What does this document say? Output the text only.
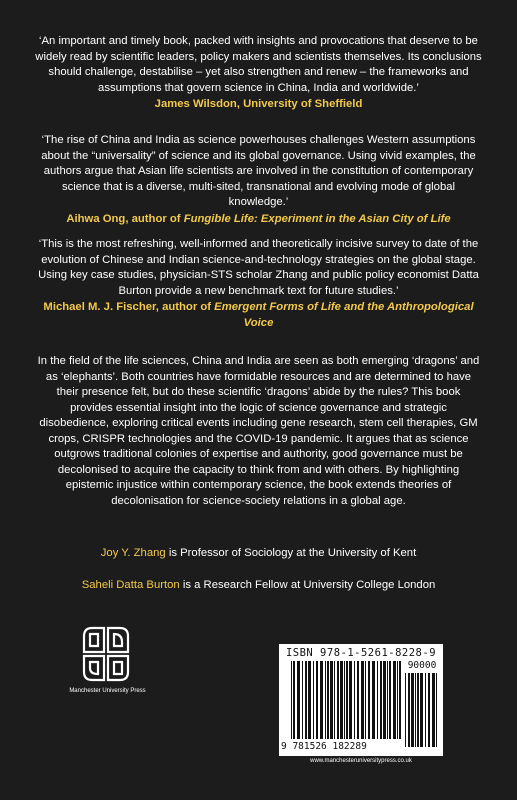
‘An important and timely book, packed with insights and provocations that deserve to be widely read by scientific leaders, policy makers and scientists themselves. Its conclusions should challenge, destabilise – yet also strengthen and renew – the frameworks and assumptions that govern science in China, India and worldwide.’
James Wilsdon, University of Sheffield
‘The rise of China and India as science powerhouses challenges Western assumptions about the “universality” of science and its global governance. Using vivid examples, the authors argue that Asian life scientists are involved in the constitution of contemporary science that is a diverse, multi-sited, transnational and evolving mode of global knowledge.’
Aihwa Ong, author of Fungible Life: Experiment in the Asian City of Life
‘This is the most refreshing, well-informed and theoretically incisive survey to date of the evolution of Chinese and Indian science-and-technology strategies on the global stage. Using key case studies, physician-STS scholar Zhang and public policy economist Datta Burton provide a new benchmark text for future studies.’
Michael M. J. Fischer, author of Emergent Forms of Life and the Anthropological Voice
In the field of the life sciences, China and India are seen as both emerging ‘dragons’ and as ‘elephants’. Both countries have formidable resources and are determined to have their presence felt, but do these scientific ‘dragons’ abide by the rules? This book provides essential insight into the logic of science governance and strategic disobedience, exploring critical events including gene research, stem cell therapies, GM crops, CRISPR technologies and the COVID-19 pandemic. It argues that as science outgrows traditional colonies of expertise and authority, good governance must be decolonised to acquire the capacity to think from and with others. By highlighting epistemic injustice within contemporary science, the book extends theories of decolonisation for science-society relations in a global age.
Joy Y. Zhang is Professor of Sociology at the University of Kent
Saheli Datta Burton is a Research Fellow at University College London
Manchester University Press
ISBN 978-1-5261-8228-9
90000
9 781526 182289
www.manchesteruniversitypress.co.uk
